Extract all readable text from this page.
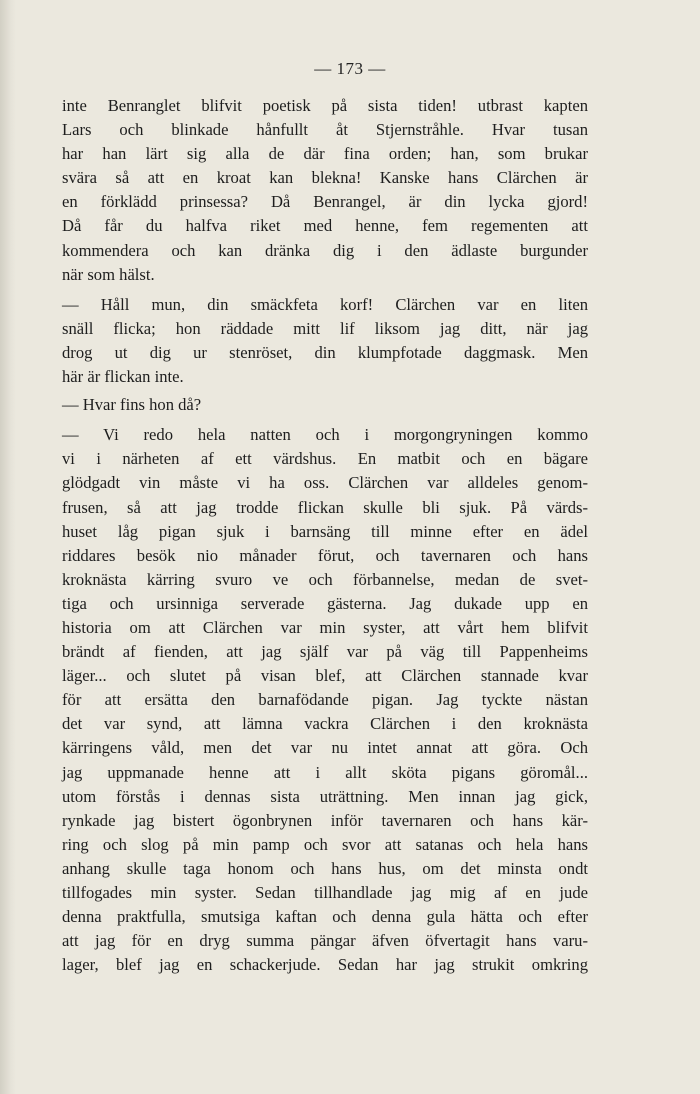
— 173 —
inte Benranglet blifvit poetisk på sista tiden! utbrast kapten
Lars och blinkade hånfullt åt Stjernstråhle. Hvar tusan
har han lärt sig alla de där fina orden; han, som brukar
svära så att en kroat kan blekna! Kanske hans Clärchen är
en förklädd prinsessa? Då Benrangel, är din lycka gjord!
Då får du halfva riket med henne, fem regementen att
kommendera och kan dränka dig i den ädlaste burgunder
när som hälst.
— Håll mun, din smäckfeta korf! Clärchen var en liten
snäll flicka; hon räddade mitt lif liksom jag ditt, när jag
drog ut dig ur stenröset, din klumpfotade daggmask. Men
här är flickan inte.
— Hvar fins hon då?
— Vi redo hela natten och i morgongryningen kommo
vi i närheten af ett värdshus. En matbit och en bägare
glödgadt vin måste vi ha oss. Clärchen var alldeles genom-
frusen, så att jag trodde flickan skulle bli sjuk. På värds-
huset låg pigan sjuk i barnsäng till minne efter en ädel
riddares besök nio månader förut, och tavernaren och hans
kroknästa kärring svuro ve och förbannelse, medan de svet-
tiga och ursinniga serverade gästerna. Jag dukade upp en
historia om att Clärchen var min syster, att vårt hem blifvit
brändt af fienden, att jag själf var på väg till Pappenheims
läger... och slutet på visan blef, att Clärchen stannade kvar
för att ersätta den barnafödande pigan. Jag tyckte nästan
det var synd, att lämna vackra Clärchen i den kroknästa
kärringens våld, men det var nu intet annat att göra. Och
jag uppmanade henne att i allt sköta pigans göromål...
utom förstås i dennas sista uträttning. Men innan jag gick,
rynkade jag bistert ögonbrynen inför tavernaren och hans kär-
ring och slog på min pamp och svor att satanas och hela hans
anhang skulle taga honom och hans hus, om det minsta ondt
tillfogades min syster. Sedan tillhandlade jag mig af en jude
denna praktfulla, smutsiga kaftan och denna gula hätta och efter
att jag för en dryg summa pängar äfven öfvertagit hans varu-
lager, blef jag en schackerjude. Sedan har jag strukit omkring
